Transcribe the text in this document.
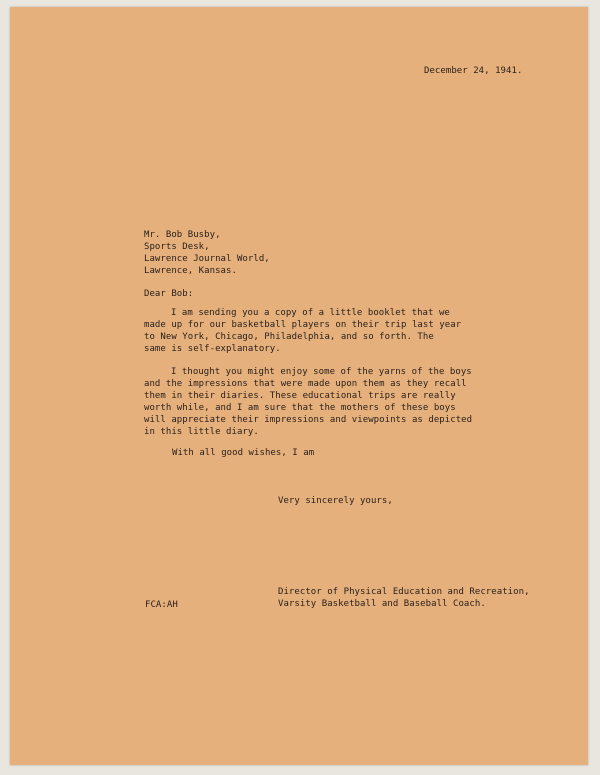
December 24, 1941.
Mr. Bob Busby,
Sports Desk,
Lawrence Journal World,
Lawrence, Kansas.
Dear Bob:
I am sending you a copy of a little booklet that we
made up for our basketball players on their trip last year
to New York, Chicago, Philadelphia, and so forth. The
same is self-explanatory.
I thought you might enjoy some of the yarns of the boys
and the impressions that were made upon them as they recall
them in their diaries. These educational trips are really
worth while, and I am sure that the mothers of these boys
will appreciate their impressions and viewpoints as depicted
in this little diary.
With all good wishes, I am
Very sincerely yours,
Director of Physical Education and Recreation,
Varsity Basketball and Baseball Coach.
FCA:AH
